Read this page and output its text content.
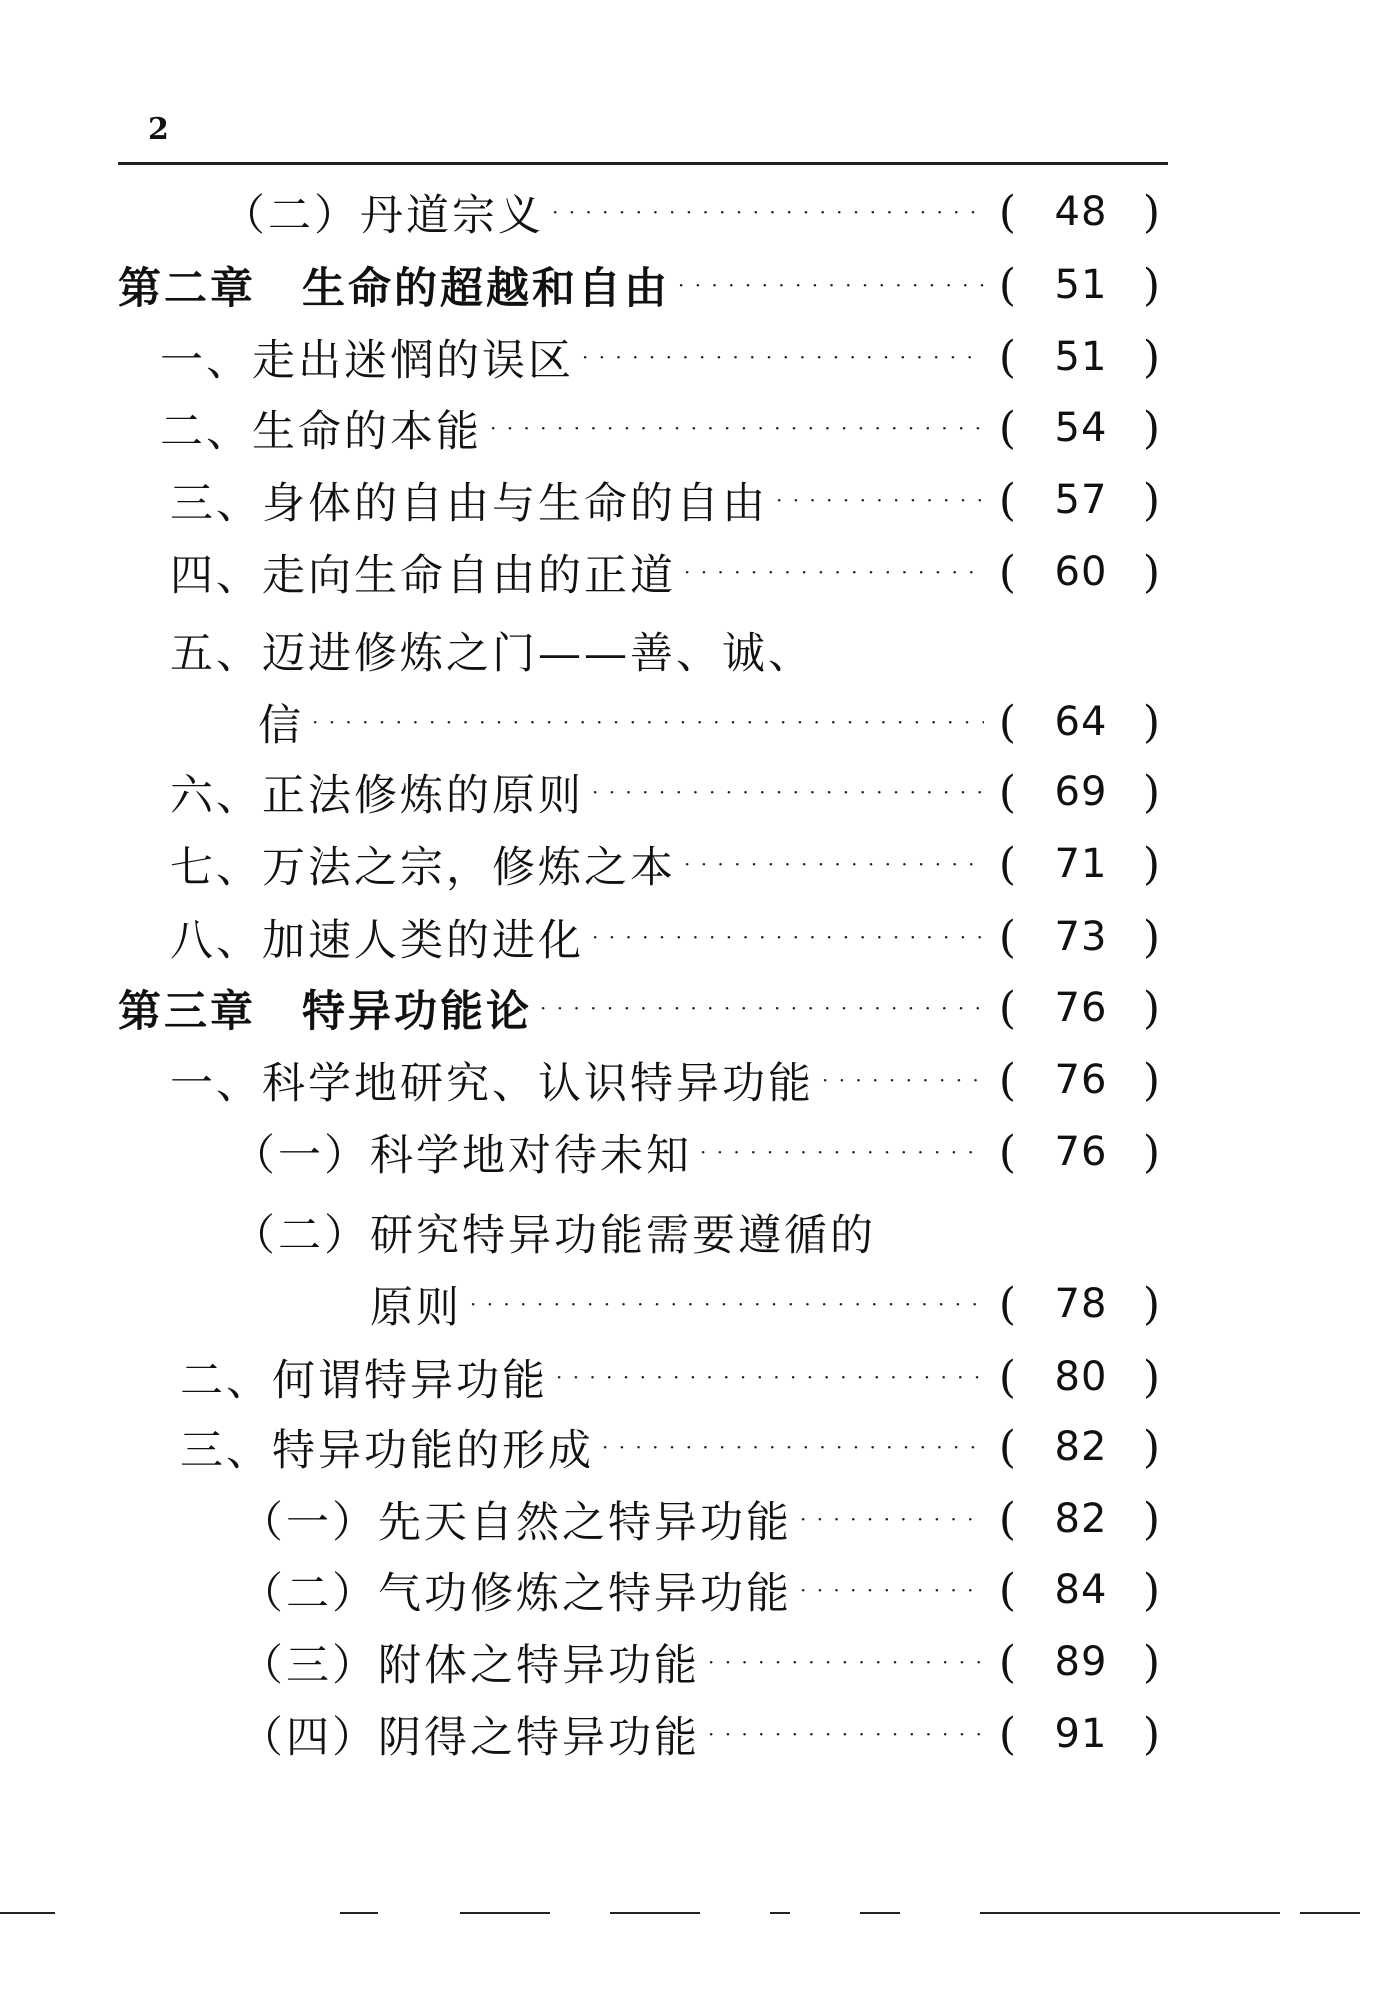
2
（二）丹道宗义 · · ·	( 48 )
第二章　生命的超越和自由 · · ·	( 51 )
一、走出迷惘的误区 · · ·	( 51 )
二、生命的本能 · · ·	( 54 )
三、身体的自由与生命的自由 · · ·	( 57 )
四、走向生命自由的正道 · · ·	( 60 )
五、迈进修炼之门——善、诚、
信 · · ·	( 64 )
六、正法修炼的原则 · · ·	( 69 )
七、万法之宗，修炼之本 · · ·	( 71 )
八、加速人类的进化 · · ·	( 73 )
第三章　特异功能论 · · ·	( 76 )
一、科学地研究、认识特异功能 · · ·	( 76 )
（一）科学地对待未知 · · ·	( 76 )
（二）研究特异功能需要遵循的
原则 · · ·	( 78 )
二、何谓特异功能 · · ·	( 80 )
三、特异功能的形成 · · ·	( 82 )
（一）先天自然之特异功能 · · ·	( 82 )
（二）气功修炼之特异功能 · · ·	( 84 )
（三）附体之特异功能 · · ·	( 89 )
（四）阴得之特异功能 · · ·	( 91 )
